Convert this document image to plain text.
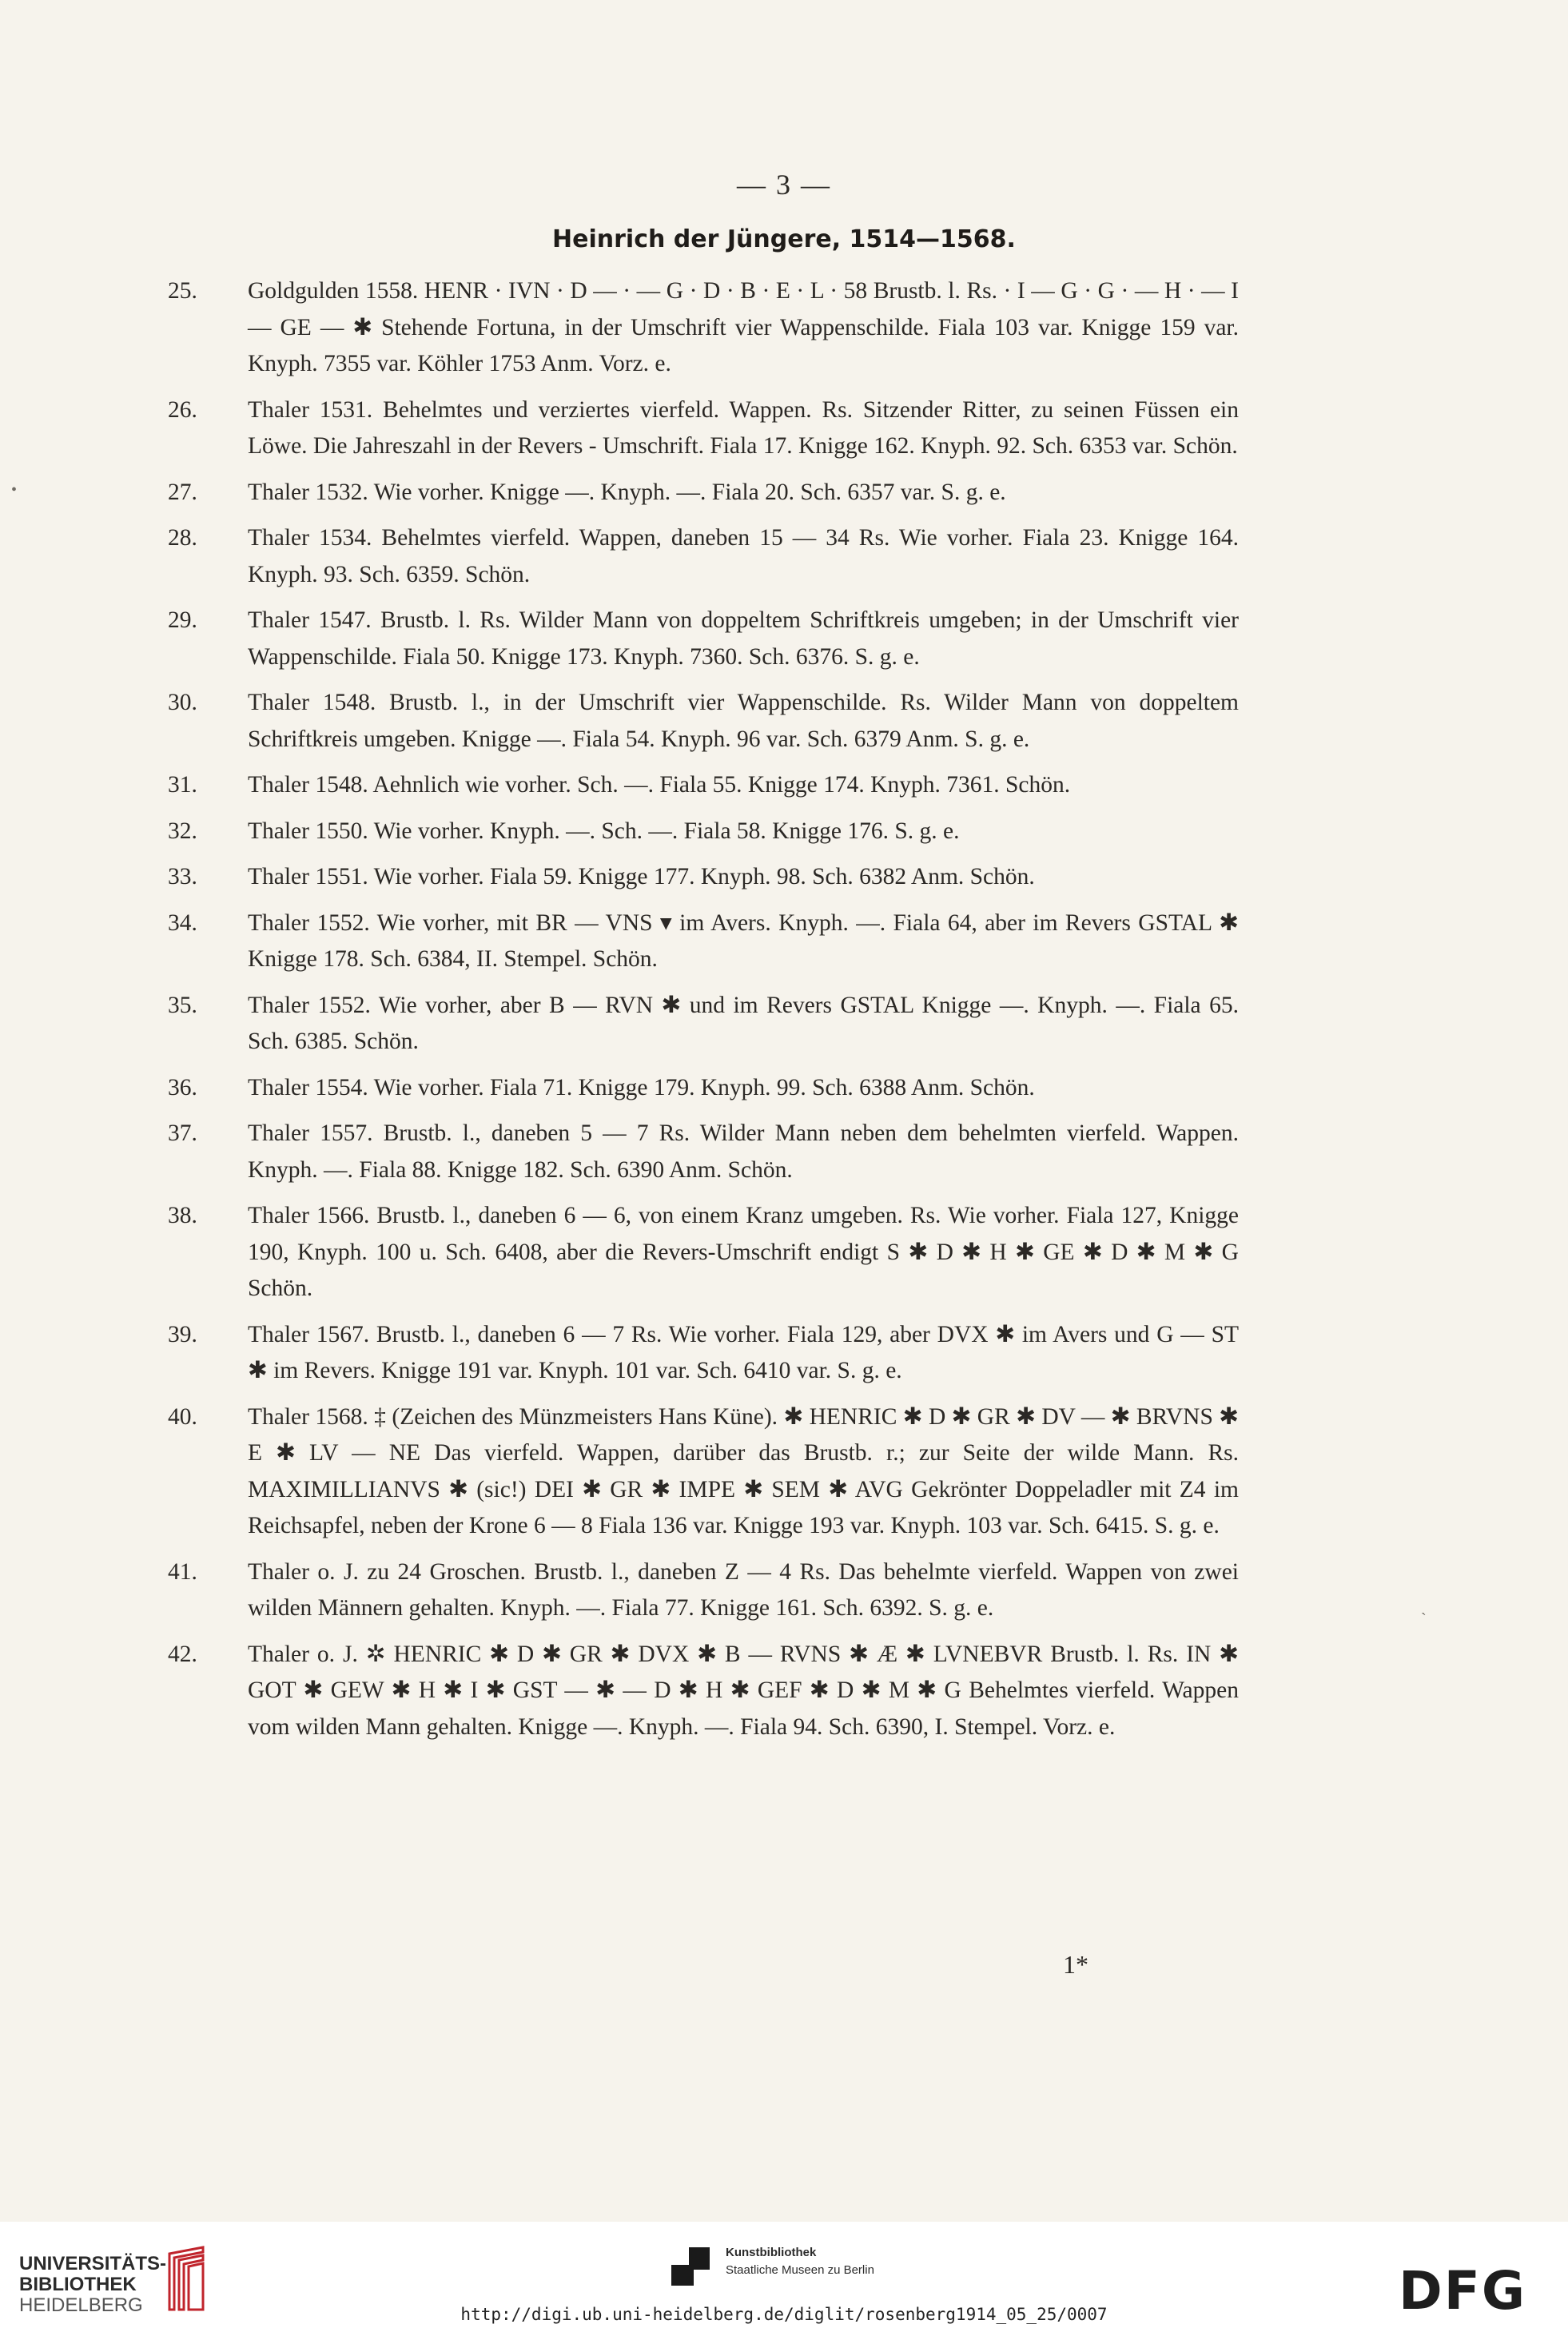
— 3 —
Heinrich der Jüngere, 1514—1568.
25. Goldgulden 1558. HENR · IVN · D — · — G · D · B · E · L · 58 Brustb. l. Rs. · I — G · G · — H · — I — GE — ✱ Stehende Fortuna, in der Umschrift vier Wappenschilde. Fiala 103 var. Knigge 159 var. Knyph. 7355 var. Köhler 1753 Anm. Vorz. e.
26. Thaler 1531. Behelmtes und verziertes vierfeld. Wappen. Rs. Sitzender Ritter, zu seinen Füssen ein Löwe. Die Jahreszahl in der Revers - Umschrift. Fiala 17. Knigge 162. Knyph. 92. Sch. 6353 var. Schön.
27. Thaler 1532. Wie vorher. Knigge —. Knyph. —. Fiala 20. Sch. 6357 var. S. g. e.
28. Thaler 1534. Behelmtes vierfeld. Wappen, daneben 15 — 34 Rs. Wie vorher. Fiala 23. Knigge 164. Knyph. 93. Sch. 6359. Schön.
29. Thaler 1547. Brustb. l. Rs. Wilder Mann von doppeltem Schriftkreis umgeben; in der Umschrift vier Wappenschilde. Fiala 50. Knigge 173. Knyph. 7360. Sch. 6376. S. g. e.
30. Thaler 1548. Brustb. l., in der Umschrift vier Wappenschilde. Rs. Wilder Mann von doppeltem Schriftkreis umgeben. Knigge —. Fiala 54. Knyph. 96 var. Sch. 6379 Anm. S. g. e.
31. Thaler 1548. Aehnlich wie vorher. Sch. —. Fiala 55. Knigge 174. Knyph. 7361. Schön.
32. Thaler 1550. Wie vorher. Knyph. —. Sch. —. Fiala 58. Knigge 176. S. g. e.
33. Thaler 1551. Wie vorher. Fiala 59. Knigge 177. Knyph. 98. Sch. 6382 Anm. Schön.
34. Thaler 1552. Wie vorher, mit BR — VNS ▾ im Avers. Knyph. —. Fiala 64, aber im Revers GSTAL ✱ Knigge 178. Sch. 6384, II. Stempel. Schön.
35. Thaler 1552. Wie vorher, aber B — RVN ✱ und im Revers GSTAL Knigge —. Knyph. —. Fiala 65. Sch. 6385. Schön.
36. Thaler 1554. Wie vorher. Fiala 71. Knigge 179. Knyph. 99. Sch. 6388 Anm. Schön.
37. Thaler 1557. Brustb. l., daneben 5 — 7 Rs. Wilder Mann neben dem behelmten vierfeld. Wappen. Knyph. —. Fiala 88. Knigge 182. Sch. 6390 Anm. Schön.
38. Thaler 1566. Brustb. l., daneben 6 — 6, von einem Kranz umgeben. Rs. Wie vorher. Fiala 127, Knigge 190, Knyph. 100 u. Sch. 6408, aber die Revers-Umschrift endigt S ✱ D ✱ H ✱ GE ✱ D ✱ M ✱ G Schön.
39. Thaler 1567. Brustb. l., daneben 6 — 7 Rs. Wie vorher. Fiala 129, aber DVX ✱ im Avers und G — ST ✱ im Revers. Knigge 191 var. Knyph. 101 var. Sch. 6410 var. S. g. e.
40. Thaler 1568. ‡ (Zeichen des Münzmeisters Hans Küne). ✱ HENRIC ✱ D ✱ GR ✱ DV — ✱ BRVNS ✱ E ✱ LV — NE Das vierfeld. Wappen, darüber das Brustb. r.; zur Seite der wilde Mann. Rs. MAXIMILLIANVS ✱ (sic!) DEI ✱ GR ✱ IMPE ✱ SEM ✱ AVG Gekrönter Doppeladler mit Z4 im Reichsapfel, neben der Krone 6 — 8 Fiala 136 var. Knigge 193 var. Knyph. 103 var. Sch. 6415. S. g. e.
41. Thaler o. J. zu 24 Groschen. Brustb. l., daneben Z — 4 Rs. Das behelmte vierfeld. Wappen von zwei wilden Männern gehalten. Knyph. —. Fiala 77. Knigge 161. Sch. 6392. S. g. e.
42. Thaler o. J. ✲ HENRIC ✱ D ✱ GR ✱ DVX ✱ B — RVNS ✱ Æ ✱ LVNEBVR Brustb. l. Rs. IN ✱ GOT ✱ GEW ✱ H ✱ I ✱ GST — ✱ — D ✱ H ✱ GEF ✱ D ✱ M ✱ G Behelmtes vierfeld. Wappen vom wilden Mann gehalten. Knigge —. Knyph. —. Fiala 94. Sch. 6390, I. Stempel. Vorz. e.
1*
•
˴
UNIVERSITÄTS-
BIBLIOTHEK
HEIDELBERG
Kunstbibliothek
Staatliche Museen zu Berlin	DFG
http://digi.ub.uni-heidelberg.de/diglit/rosenberg1914_05_25/0007
